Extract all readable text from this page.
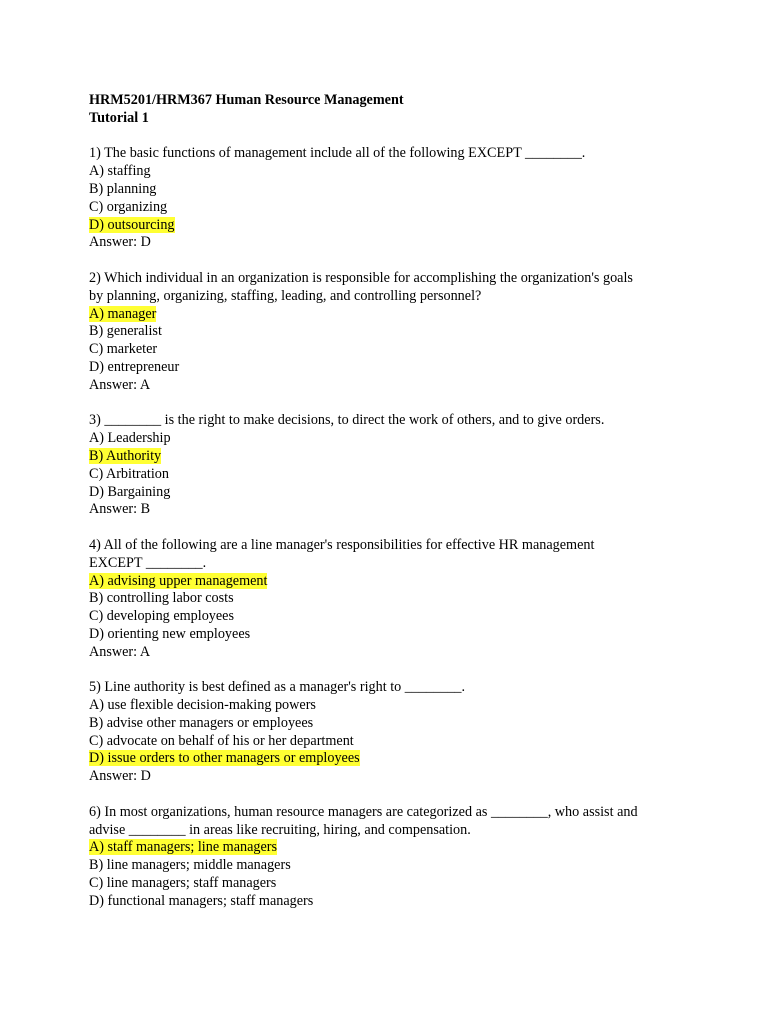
HRM5201/HRM367 Human Resource Management
Tutorial 1
1) The basic functions of management include all of the following EXCEPT ________.
A) staffing
B) planning
C) organizing
D) outsourcing
Answer: D
2) Which individual in an organization is responsible for accomplishing the organization's goals
by planning, organizing, staffing, leading, and controlling personnel?
A) manager
B) generalist
C) marketer
D) entrepreneur
Answer: A
3) ________ is the right to make decisions, to direct the work of others, and to give orders.
A) Leadership
B) Authority
C) Arbitration
D) Bargaining
Answer: B
4) All of the following are a line manager's responsibilities for effective HR management
EXCEPT ________.
A) advising upper management
B) controlling labor costs
C) developing employees
D) orienting new employees
Answer: A
5) Line authority is best defined as a manager's right to ________.
A) use flexible decision-making powers
B) advise other managers or employees
C) advocate on behalf of his or her department
D) issue orders to other managers or employees
Answer: D
6) In most organizations, human resource managers are categorized as ________, who assist and
advise ________ in areas like recruiting, hiring, and compensation.
A) staff managers; line managers
B) line managers; middle managers
C) line managers; staff managers
D) functional managers; staff managers
